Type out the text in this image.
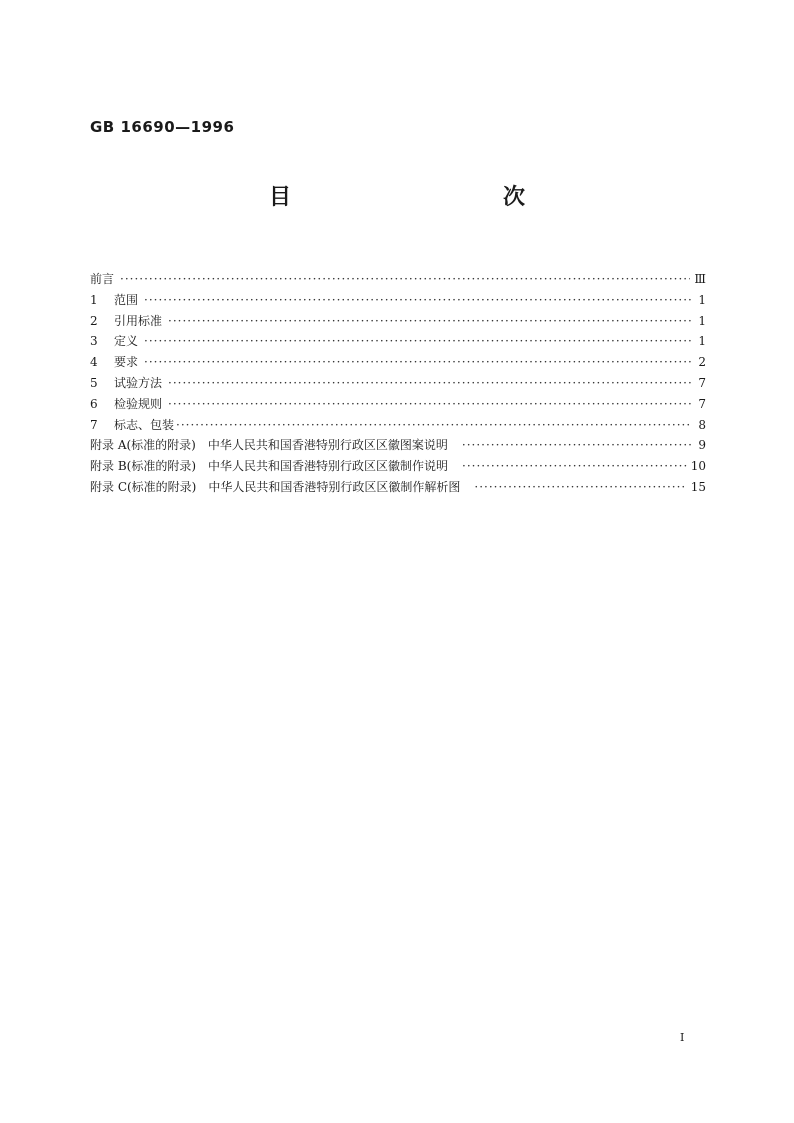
GB 16690—1996
目　　次
前言 ·····	Ⅲ
1	范围 ·····	1
2	引用标准 ·····	1
3	定义 ·····	1
4	要求 ·····	2
5	试验方法 ·····	7
6	检验规则 ·····	7
7	标志、包装 ·····	8
附录 A(标准的附录) 中华人民共和国香港特别行政区区徽图案说明 ·····	9
附录 B(标准的附录) 中华人民共和国香港特别行政区区徽制作说明 ·····	10
附录 C(标准的附录) 中华人民共和国香港特别行政区区徽制作解析图 ·····	15
I
